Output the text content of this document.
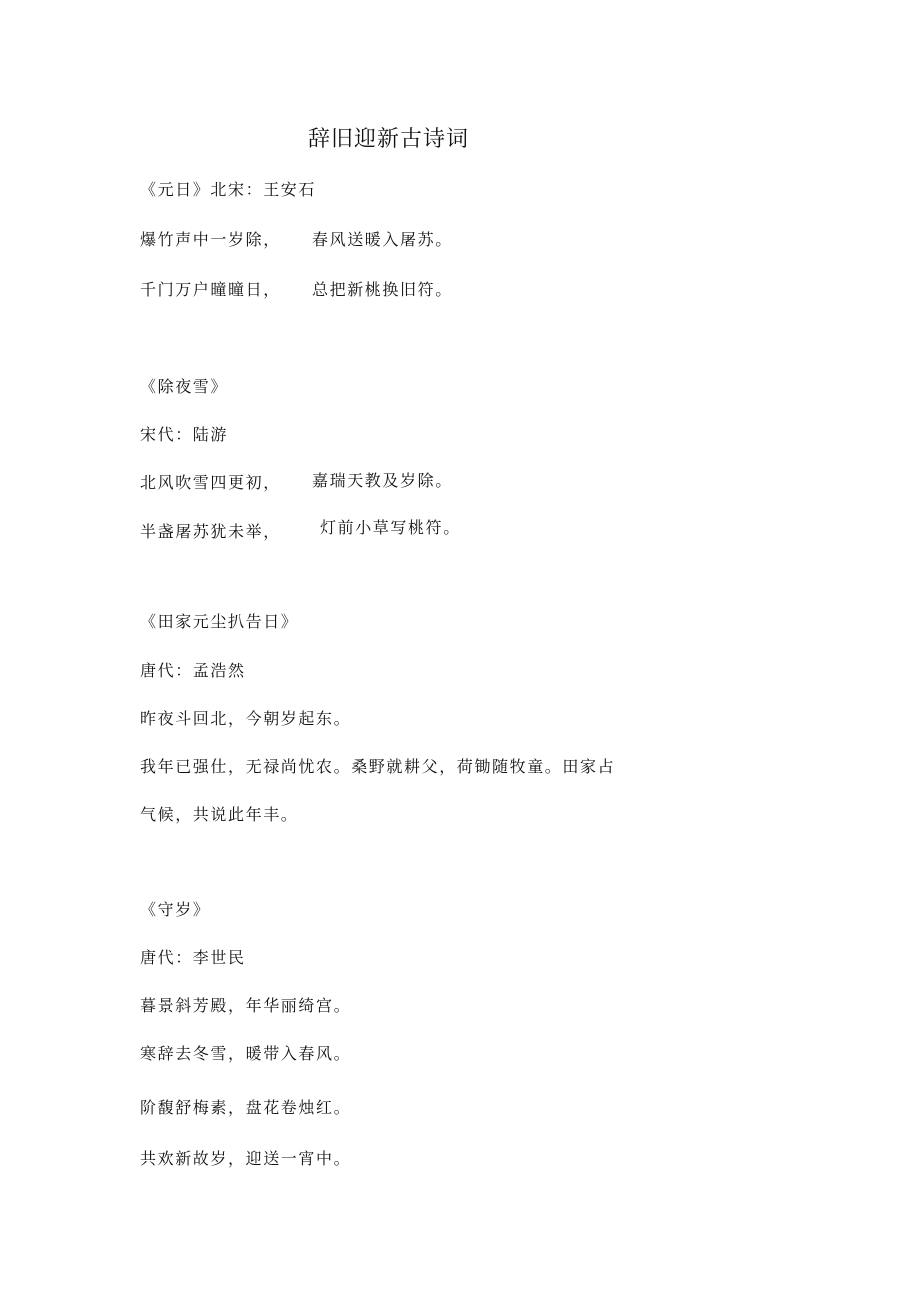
辞旧迎新古诗词
《元日》北宋：王安石
爆竹声中一岁除， 春风送暖入屠苏。
千门万户曈曈日， 总把新桃换旧符。
《除夜雪》
宋代：陆游
北风吹雪四更初， 嘉瑞天教及岁除。
半盏屠苏犹未举， 灯前小草写桃符。
《田家元尘扒告日》
唐代：孟浩然
昨夜斗回北，今朝岁起东。
我年已强仕，无禄尚忧农。桑野就耕父，荷锄随牧童。田家占
气候，共说此年丰。
《守岁》
唐代：李世民
暮景斜芳殿，年华丽绮宫。
寒辞去冬雪，暖带入春风。
阶馥舒梅素，盘花卷烛红。
共欢新故岁，迎送一宵中。
